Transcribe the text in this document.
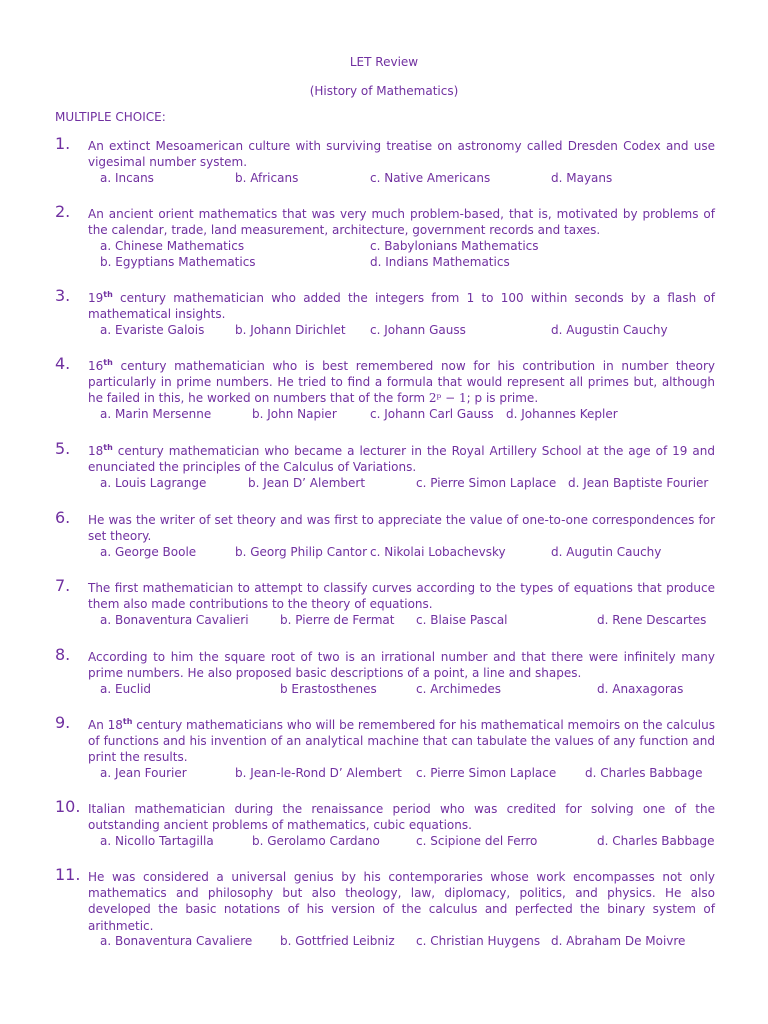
LET Review
(History of Mathematics)
MULTIPLE CHOICE:
1. An extinct Mesoamerican culture with surviving treatise on astronomy called Dresden Codex and use vigesimal number system.
a. Incans	b. Africans	c. Native Americans	d. Mayans
2. An ancient orient mathematics that was very much problem-based, that is, motivated by problems of the calendar, trade, land measurement, architecture, government records and taxes.
a. Chinese Mathematics	c. Babylonians Mathematics
b. Egyptians Mathematics	d. Indians Mathematics
3. 19th century mathematician who added the integers from 1 to 100 within seconds by a flash of mathematical insights.
a. Evariste Galois	b. Johann Dirichlet c. Johann Gauss	d. Augustin Cauchy
4. 16th century mathematician who is best remembered now for his contribution in number theory particularly in prime numbers. He tried to find a formula that would represent all primes but, although he failed in this, he worked on numbers that of the form 2ᵖ − 1; p is prime.
a. Marin Mersenne	b. John Napier	c. Johann Carl Gauss d. Johannes Kepler
5. 18th century mathematician who became a lecturer in the Royal Artillery School at the age of 19 and enunciated the principles of the Calculus of Variations.
a. Louis Lagrange	b. Jean D’ Alembert	c. Pierre Simon Laplace d. Jean Baptiste Fourier
6. He was the writer of set theory and was first to appreciate the value of one-to-one correspondences for set theory.
a. George Boole	b. Georg Philip Cantor c. Nikolai Lobachevsky	d. Augutin Cauchy
7. The first mathematician to attempt to classify curves according to the types of equations that produce them also made contributions to the theory of equations.
a. Bonaventura Cavalieri	b. Pierre de Fermat c. Blaise Pascal	d. Rene Descartes
8. According to him the square root of two is an irrational number and that there were infinitely many prime numbers. He also proposed basic descriptions of a point, a line and shapes.
a. Euclid	b Erastosthenes	c. Archimedes	d. Anaxagoras
9. An 18th century mathematicians who will be remembered for his mathematical memoirs on the calculus of functions and his invention of an analytical machine that can tabulate the values of any function and print the results.
a. Jean Fourier	b. Jean-le-Rond D’ Alembert c. Pierre Simon Laplace d. Charles Babbage
10. Italian mathematician during the renaissance period who was credited for solving one of the outstanding ancient problems of mathematics, cubic equations.
a. Nicollo Tartagilla	b. Gerolamo Cardano	c. Scipione del Ferro	d. Charles Babbage
11. He was considered a universal genius by his contemporaries whose work encompasses not only mathematics and philosophy but also theology, law, diplomacy, politics, and physics. He also developed the basic notations of his version of the calculus and perfected the binary system of arithmetic.
a. Bonaventura Cavaliere b. Gottfried Leibniz c. Christian Huygens d. Abraham De Moivre
